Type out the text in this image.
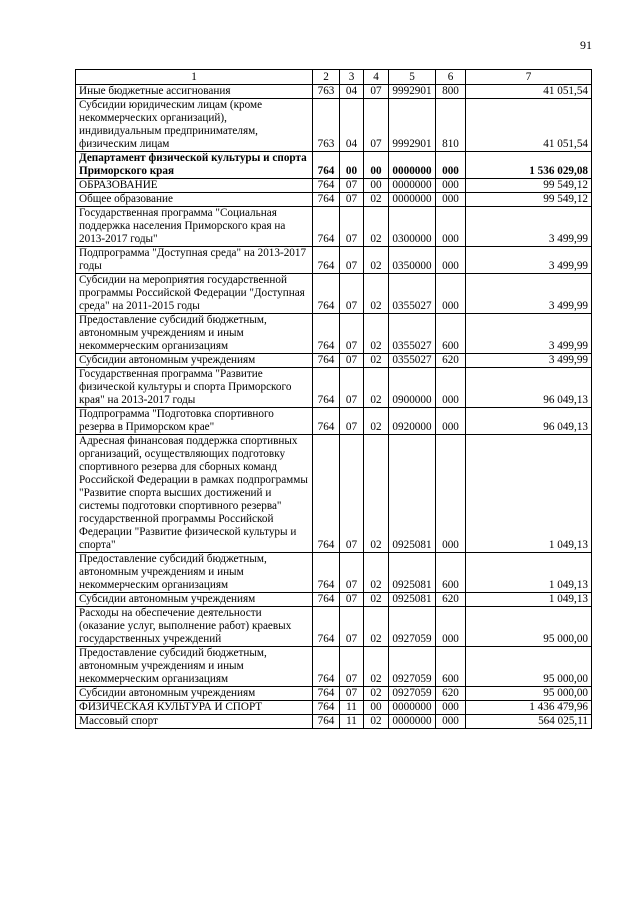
91
1	2	3	4	5	6	7
Иные бюджетные ассигнования	763	04	07	9992901	800	41 051,54
Субсидии юридическим лицам (кроме некоммерческих организаций), индивидуальным предпринимателям, физическим лицам	763	04	07	9992901	810	41 051,54
Департамент физической культуры и спорта Приморского края	764	00	00	0000000	000	1 536 029,08
ОБРАЗОВАНИЕ	764	07	00	0000000	000	99 549,12
Общее образование	764	07	02	0000000	000	99 549,12
Государственная программа "Социальная поддержка населения Приморского края на 2013-2017 годы"	764	07	02	0300000	000	3 499,99
Подпрограмма "Доступная среда" на 2013-2017 годы	764	07	02	0350000	000	3 499,99
Субсидии на мероприятия государственной программы Российской Федерации "Доступная среда" на 2011-2015 годы	764	07	02	0355027	000	3 499,99
Предоставление субсидий бюджетным, автономным учреждениям и иным некоммерческим организациям	764	07	02	0355027	600	3 499,99
Субсидии автономным учреждениям	764	07	02	0355027	620	3 499,99
Государственная программа "Развитие физической культуры и спорта Приморского края" на 2013-2017 годы	764	07	02	0900000	000	96 049,13
Подпрограмма "Подготовка спортивного резерва в Приморском крае"	764	07	02	0920000	000	96 049,13
Адресная финансовая поддержка спортивных организаций, осуществляющих подготовку спортивного резерва для сборных команд Российской Федерации в рамках подпрограммы "Развитие спорта высших достижений и системы подготовки спортивного резерва" государственной программы Российской Федерации "Развитие физической культуры и спорта"	764	07	02	0925081	000	1 049,13
Предоставление субсидий бюджетным, автономным учреждениям и иным некоммерческим организациям	764	07	02	0925081	600	1 049,13
Субсидии автономным учреждениям	764	07	02	0925081	620	1 049,13
Расходы на обеспечение деятельности (оказание услуг, выполнение работ) краевых государственных учреждений	764	07	02	0927059	000	95 000,00
Предоставление субсидий бюджетным, автономным учреждениям и иным некоммерческим организациям	764	07	02	0927059	600	95 000,00
Субсидии автономным учреждениям	764	07	02	0927059	620	95 000,00
ФИЗИЧЕСКАЯ КУЛЬТУРА И СПОРТ	764	11	00	0000000	000	1 436 479,96
Массовый спорт	764	11	02	0000000	000	564 025,11
